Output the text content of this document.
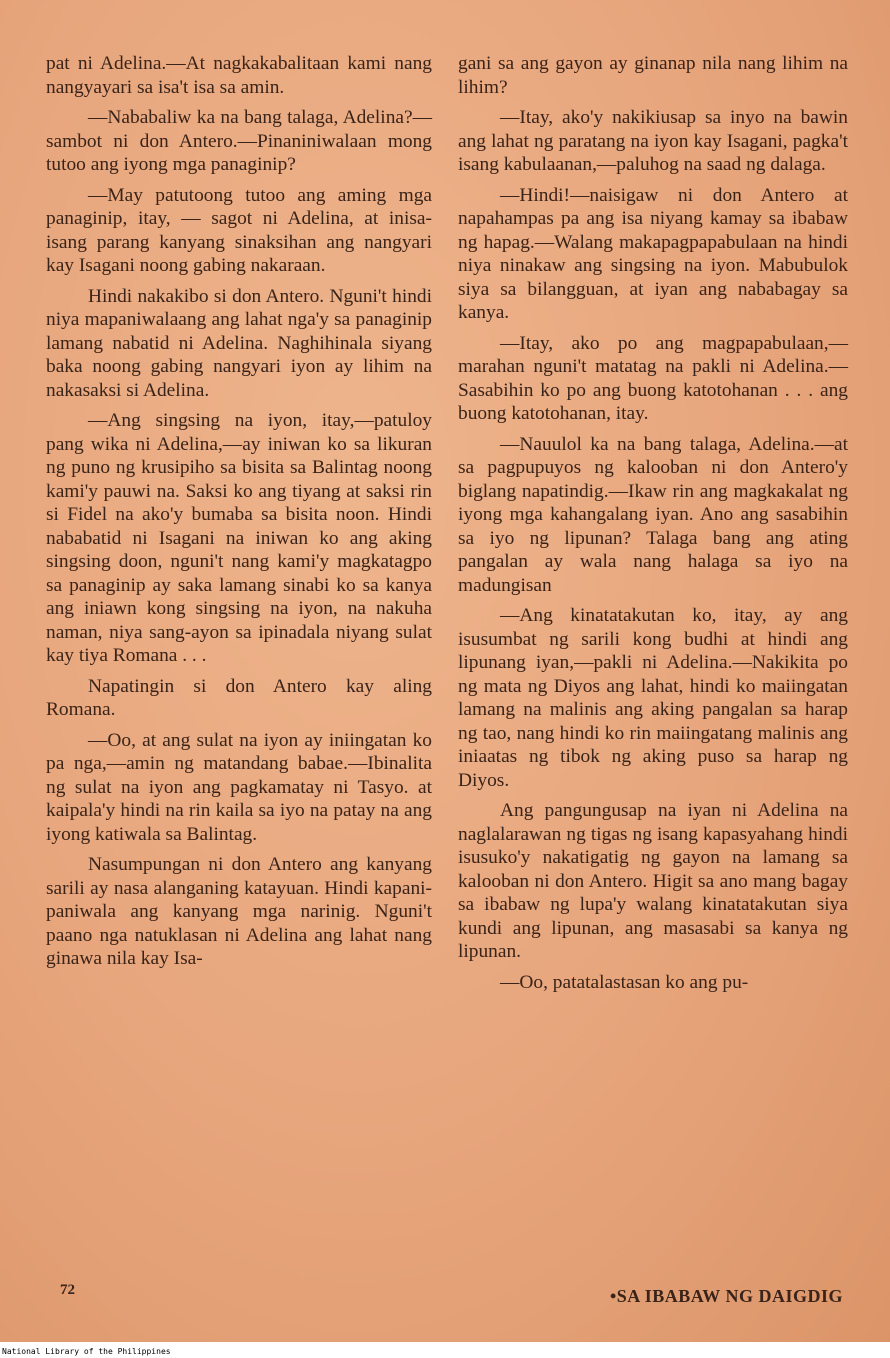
pat ni Adelina.—At nagkakabalitaan kami nang nangyayari sa isa't isa sa amin.

—Nababaliw ka na bang talaga, Adelina?—sambot ni don Antero.—Pinaniniwalaan mong tutoo ang iyong mga panaginip?

—May patutoong tutoo ang aming mga panaginip, itay, — sagot ni Adelina, at inisa-isang parang kanyang sinaksihan ang nangyari kay Isagani noong gabing nakaraan.

Hindi nakakibo si don Antero. Nguni't hindi niya mapaniwalaang ang lahat nga'y sa panaginip lamang nabatid ni Adelina. Naghihinala siyang baka noong gabing nangyari iyon ay lihim na nakasaksi si Adelina.

—Ang singsing na iyon, itay,—patuloy pang wika ni Adelina,—ay iniwan ko sa likuran ng puno ng krusipiho sa bisita sa Balintag noong kami'y pauwi na. Saksi ko ang tiyang at saksi rin si Fidel na ako'y bumaba sa bisita noon. Hindi nababatid ni Isagani na iniwan ko ang aking singsing doon, nguni't nang kami'y magkatagpo sa panaginip ay saka lamang sinabi ko sa kanya ang iniawn kong singsing na iyon, na nakuha naman, niya sang-ayon sa ipinadala niyang sulat kay tiya Romana . . .

Napatingin si don Antero kay aling Romana.

—Oo, at ang sulat na iyon ay iniingatan ko pa nga,—amin ng matandang babae.—Ibinalita ng sulat na iyon ang pagkamatay ni Tasyo. at kaipala'y hindi na rin kaila sa iyo na patay na ang iyong katiwala sa Balintag.

Nasumpungan ni don Antero ang kanyang sarili ay nasa alanganing katayuan. Hindi kapani-paniwala ang kanyang mga narinig. Nguni't paano nga natuklasan ni Adelina ang lahat nang ginawa nila kay Isa-

gani sa ang gayon ay ginanap nila nang lihim na lihim?

—Itay, ako'y nakikiusap sa inyo na bawin ang lahat ng paratang na iyon kay Isagani, pagka't isang kabulaanan,—paluhog na saad ng dalaga.

—Hindi!—naisigaw ni don Antero at napahampas pa ang isa niyang kamay sa ibabaw ng hapag.—Walang makapagpapabulaan na hindi niya ninakaw ang singsing na iyon. Mabubulok siya sa bilangguan, at iyan ang nababagay sa kanya.

—Itay, ako po ang magpapabulaan,—marahan nguni't matatag na pakli ni Adelina.—Sasabihin ko po ang buong katotohanan . . . ang buong katotohanan, itay.

—Nauulol ka na bang talaga, Adelina.—at sa pagpupuyos ng kalooban ni don Antero'y biglang napatindig.—Ikaw rin ang magkakalat ng iyong mga kahangalang iyan. Ano ang sasabihin sa iyo ng lipunan? Talaga bang ang ating pangalan ay wala nang halaga sa iyo na madungisan

—Ang kinatatakutan ko, itay, ay ang isusumbat ng sarili kong budhi at hindi ang lipunang iyan,—pakli ni Adelina.—Nakikita po ng mata ng Diyos ang lahat, hindi ko maiingatan lamang na malinis ang aking pangalan sa harap ng tao, nang hindi ko rin maiingatang malinis ang iniaatas ng tibok ng aking puso sa harap ng Diyos.

Ang pangungusap na iyan ni Adelina na naglalarawan ng tigas ng isang kapasyahang hindi isusuko'y nakatigatig ng gayon na lamang sa kalooban ni don Antero. Higit sa ano mang bagay sa ibabaw ng lupa'y walang kinatatakutan siya kundi ang lipunan, ang masasabi sa kanya ng lipunan.

—Oo, patatalastasan ko ang pu-

72	•SA IBABAW NG DAIGDIG
National Library of the Philippines
